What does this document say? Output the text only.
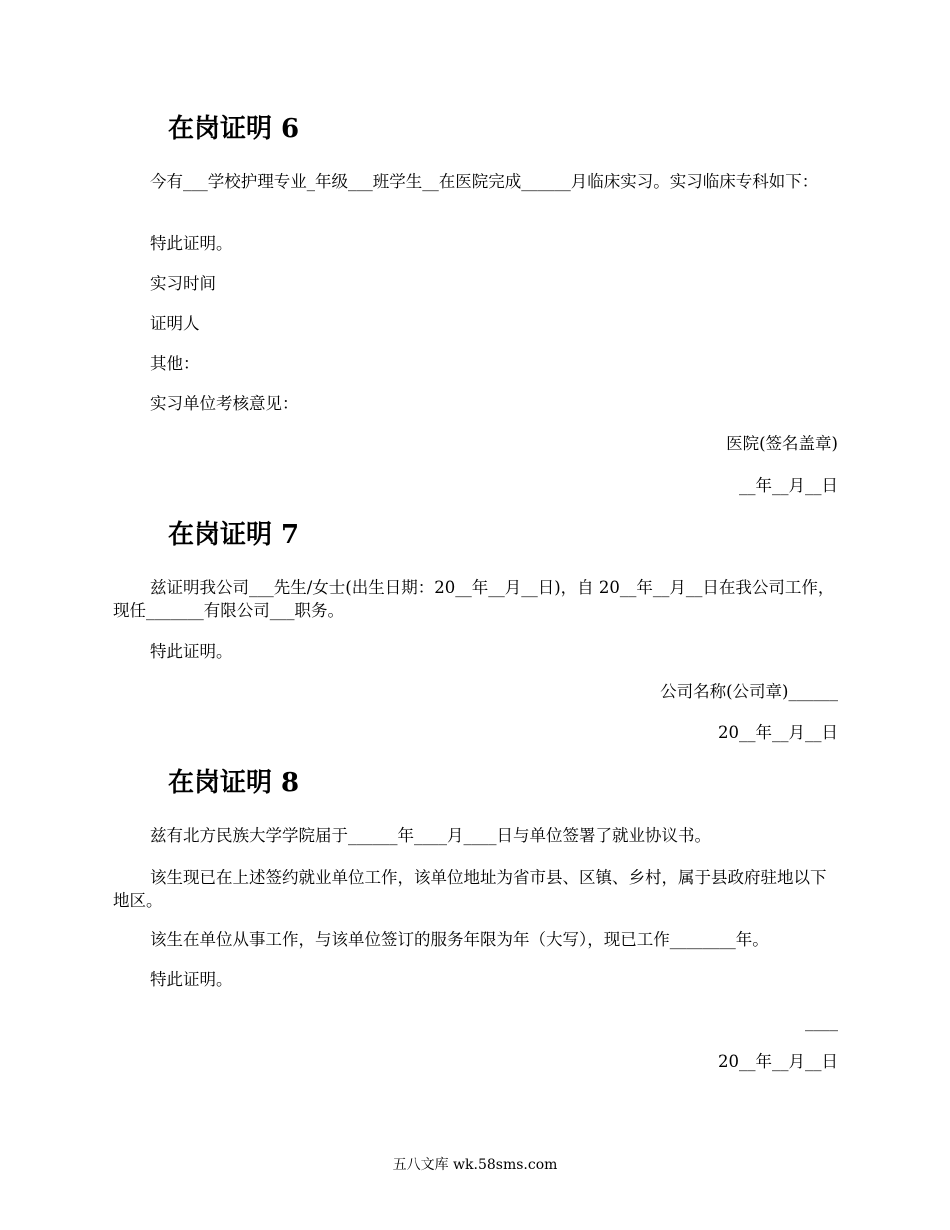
在岗证明 6

今有___学校护理专业_年级___班学生__在医院完成______月临床实习。实习临床专科如下：

特此证明。

实习时间

证明人

其他：

实习单位考核意见：

医院(签名盖章)
__年__月__日
在岗证明 7

兹证明我公司___先生/女士(出生日期：20__年__月__日)，自 20__年__月__日在我公司工作，现任_______有限公司___职务。

特此证明。

公司名称(公司章)______
20__年__月__日
在岗证明 8

兹有北方民族大学学院届于______年____月____日与单位签署了就业协议书。

该生现已在上述签约就业单位工作，该单位地址为省市县、区镇、乡村，属于县政府驻地以下地区。

该生在单位从事工作，与该单位签订的服务年限为年（大写），现已工作________年。

特此证明。

____
20__年__月__日
五八文库 wk.58sms.com
